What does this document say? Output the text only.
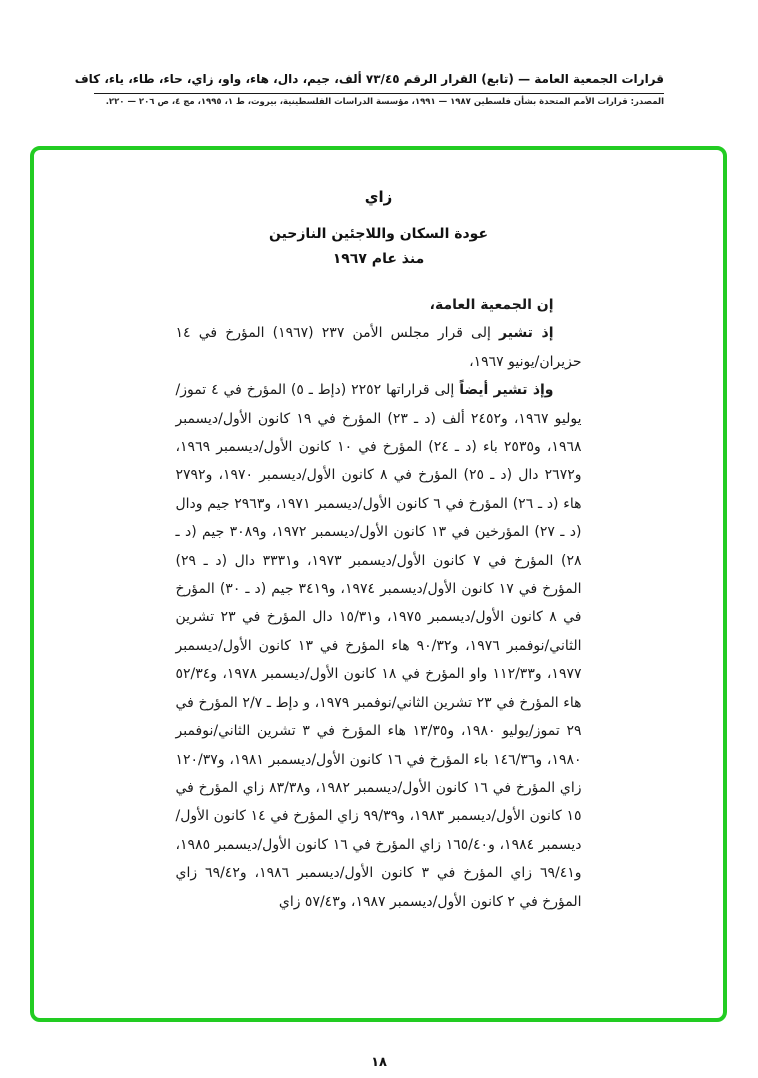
قرارات الجمعية العامة — (تابع) القرار الرقم ٧٣/٤٥ ألف، جيم، دال، هاء، واو، زاي، حاء، طاء، ياء، كاف
المصدر: قرارات الأمم المتحدة بشأن فلسطين ١٩٨٧ — ١٩٩١، مؤسسة الدراسات الفلسطينية، بيروت، ط ١، ١٩٩٥، مج ٤، ص ٢٠٦ — ٢٢٠.
زاي
عودة السكان واللاجئين النازحين
منذ عام ١٩٦٧

إن الجمعية العامة،

إذ تشير إلى قرار مجلس الأمن ٢٣٧ (١٩٦٧) المؤرخ في ١٤ حزيران/يونيو ١٩٦٧،

وإذ تشير أيضاً إلى قراراتها ٢٢٥٢ (دإط ـ ٥) المؤرخ في ٤ تموز/يوليو ١٩٦٧، و٢٤٥٢ ألف (د ـ ٢٣) المؤرخ في ١٩ كانون الأول/ديسمبر ١٩٦٨، و٢٥٣٥ باء (د ـ ٢٤) المؤرخ في ١٠ كانون الأول/ديسمبر ١٩٦٩، و٢٦٧٢ دال (د ـ ٢٥) المؤرخ في ٨ كانون الأول/ديسمبر ١٩٧٠، و٢٧٩٢ هاء (د ـ ٢٦) المؤرخ في ٦ كانون الأول/ديسمبر ١٩٧١، و٢٩٦٣ جيم ودال (د ـ ٢٧) المؤرخين في ١٣ كانون الأول/ديسمبر ١٩٧٢، و٣٠٨٩ جيم (د ـ ٢٨) المؤرخ في ٧ كانون الأول/ديسمبر ١٩٧٣، و٣٣٣١ دال (د ـ ٢٩) المؤرخ في ١٧ كانون الأول/ديسمبر ١٩٧٤، و٣٤١٩ جيم (د ـ ٣٠) المؤرخ في ٨ كانون الأول/ديسمبر ١٩٧٥، و١٥/٣١ دال المؤرخ في ٢٣ تشرين الثاني/نوفمبر ١٩٧٦، و٩٠/٣٢ هاء المؤرخ في ١٣ كانون الأول/ديسمبر ١٩٧٧، و١١٢/٣٣ واو المؤرخ في ١٨ كانون الأول/ديسمبر ١٩٧٨، و٥٢/٣٤ هاء المؤرخ في ٢٣ تشرين الثاني/نوفمبر ١٩٧٩، و دإط ـ ٢/٧ المؤرخ في ٢٩ تموز/يوليو ١٩٨٠، و١٣/٣٥ هاء المؤرخ في ٣ تشرين الثاني/نوفمبر ١٩٨٠، و١٤٦/٣٦ باء المؤرخ في ١٦ كانون الأول/ديسمبر ١٩٨١، و١٢٠/٣٧ زاي المؤرخ في ١٦ كانون الأول/ديسمبر ١٩٨٢، و٨٣/٣٨ زاي المؤرخ في ١٥ كانون الأول/ديسمبر ١٩٨٣، و٩٩/٣٩ زاي المؤرخ في ١٤ كانون الأول/ديسمبر ١٩٨٤، و١٦٥/٤٠ زاي المؤرخ في ١٦ كانون الأول/ديسمبر ١٩٨٥، و٦٩/٤١ زاي المؤرخ في ٣ كانون الأول/ديسمبر ١٩٨٦، و٦٩/٤٢ زاي المؤرخ في ٢ كانون الأول/ديسمبر ١٩٨٧، و٥٧/٤٣ زاي

١٨
